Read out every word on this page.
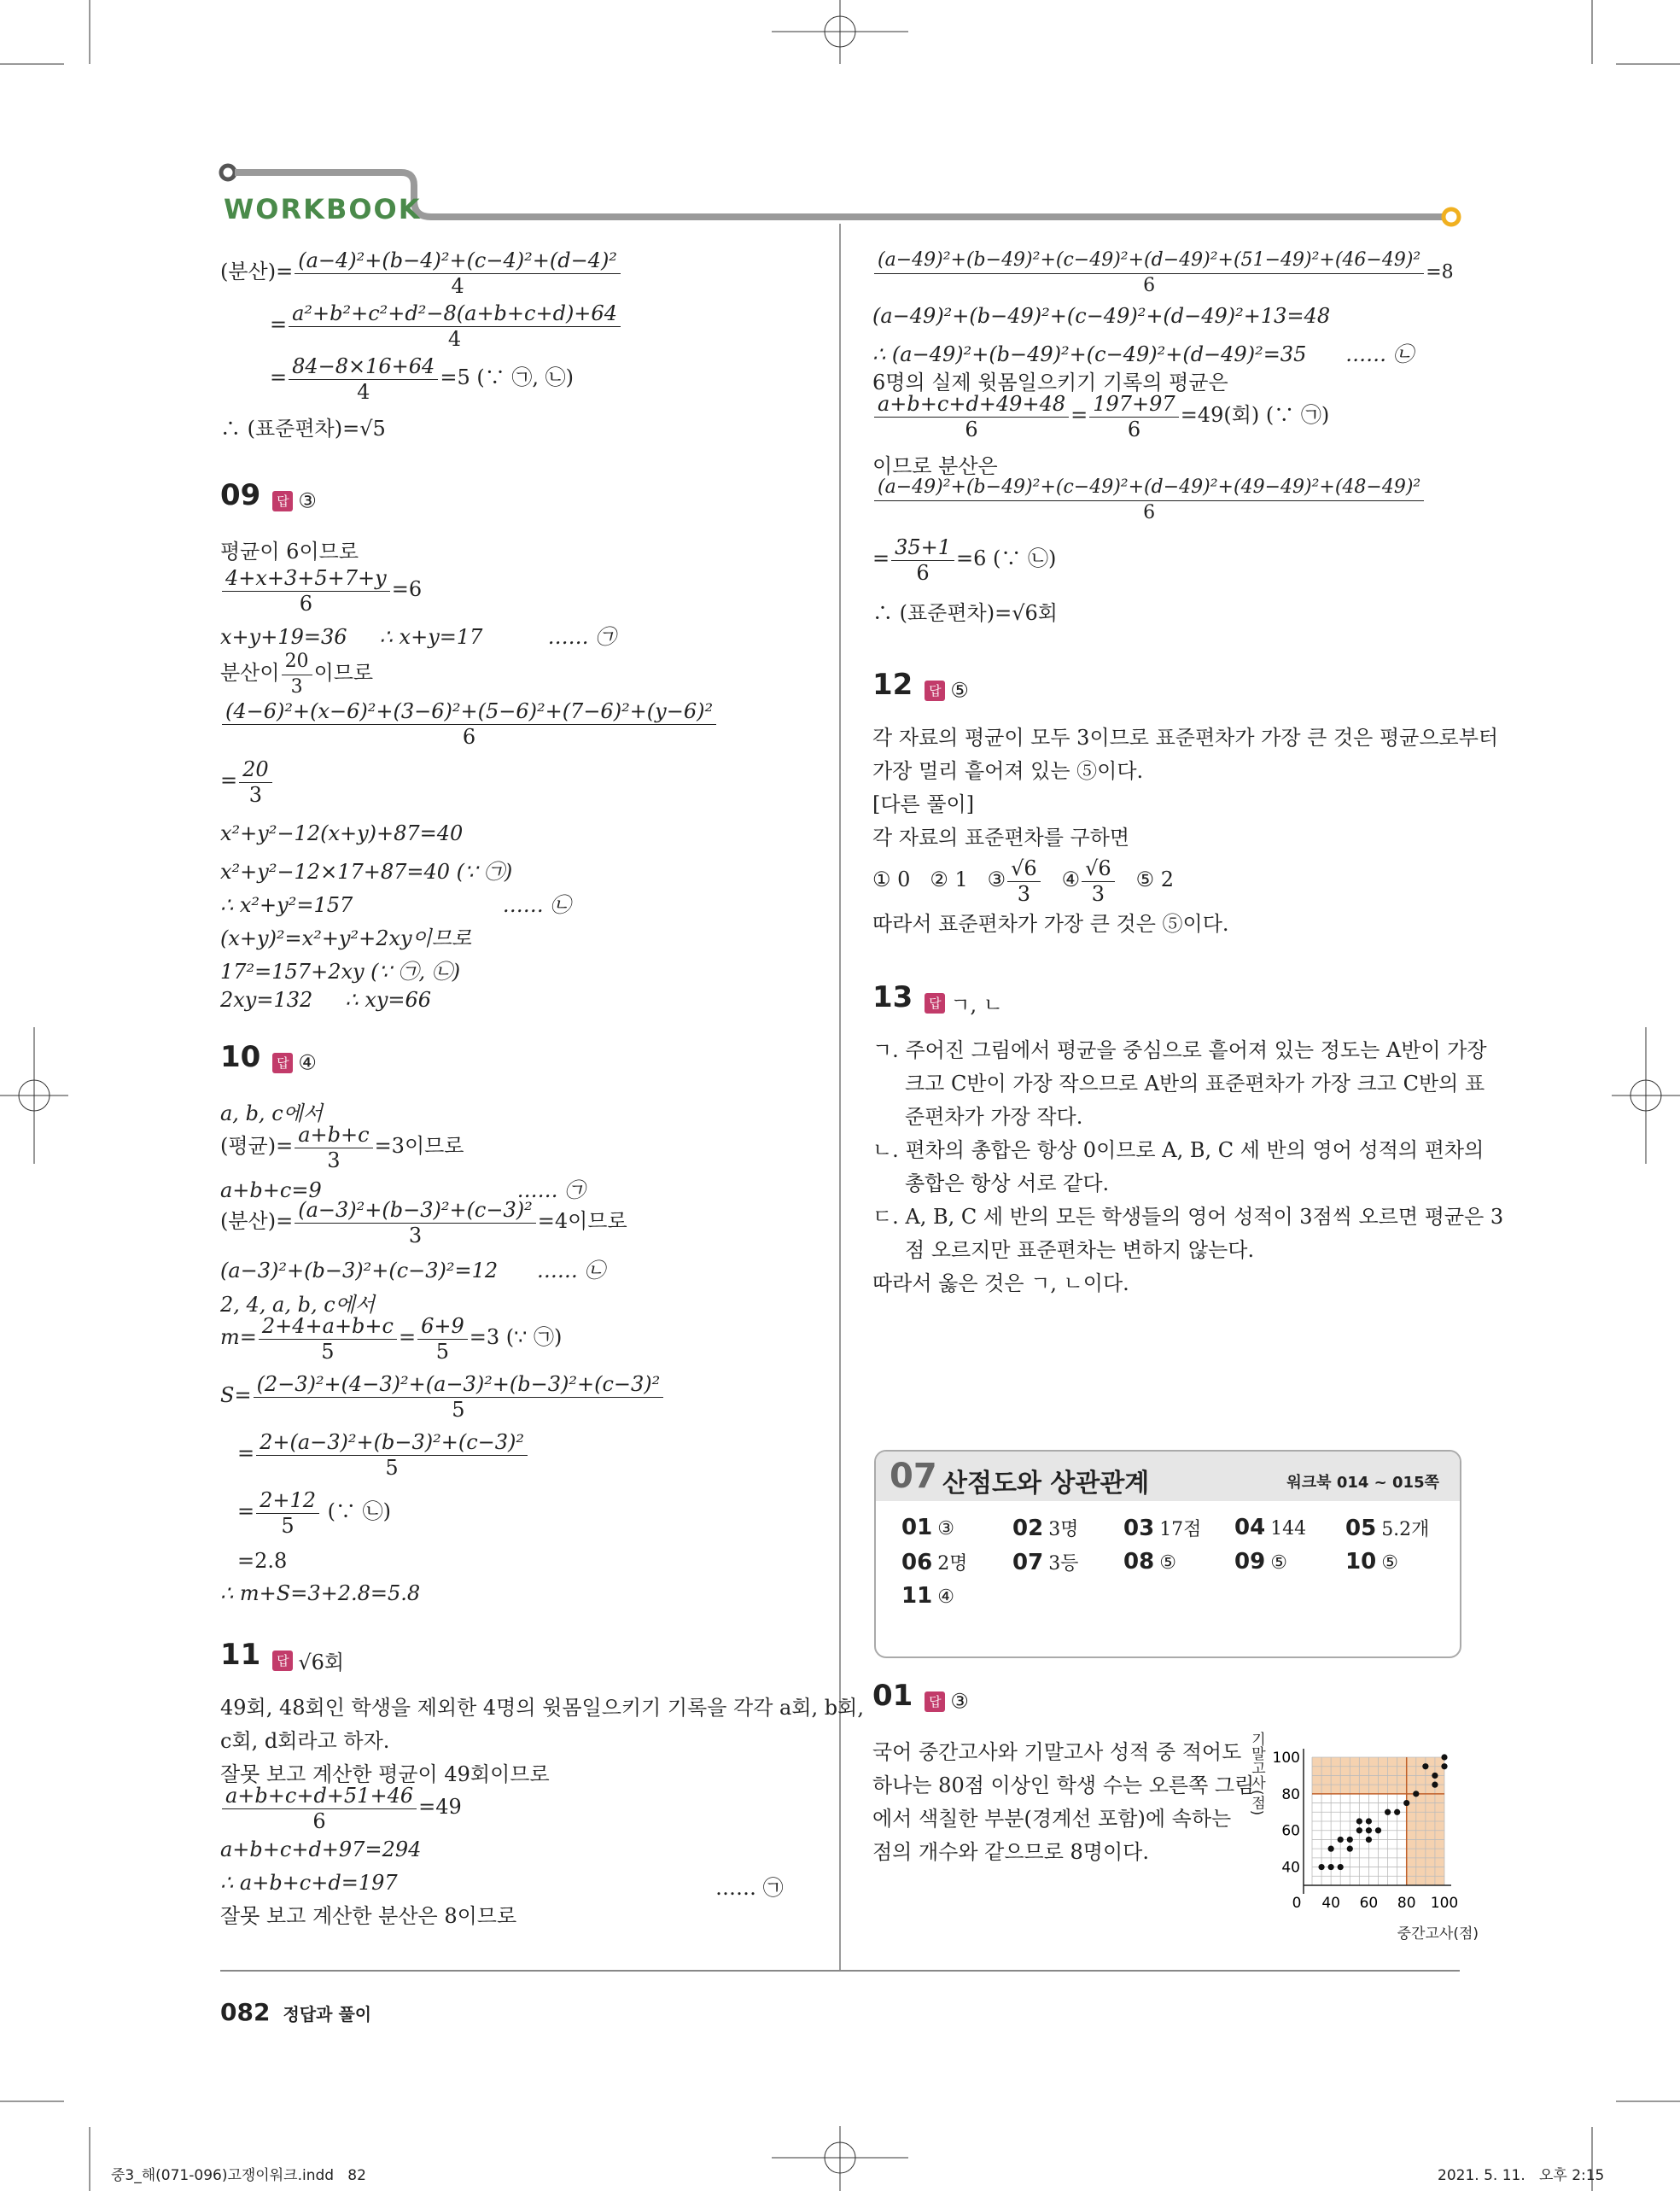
WORKBOOK
(분산)= $\frac{\text{(a−4)²+(b−4)²+(c−4)²+(d−4)²}}{4}$
= $\frac{\text{a²+b²+c²+d²−8(a+b+c+d)+64}}{4}$
= $\frac{84-8\times 16+64}{4} =5$ (∵ ㉠, ㉡)
∴ (표준편차)=√5
09 답 ③
평균이 6이므로
$\frac{4+x+3+5+7+y}{6} =6$
x+y+19=36     ∴ x+y=17          …… ㉠
분산이 $\frac{20}{3}$ 이므로
$\frac{\text{(4−6)²+(x−6)²+(3−6)²+(5−6)²+(7−6)²+(y−6)²}}{6}$
= $\frac{20}{3}$
x²+y²−12(x+y)+87=40
x²+y²−12×17+87=40 (∵ ㉠)
∴ x²+y²=157                       …… ㉡
(x+y)²=x²+y²+2xy이므로
17²=157+2xy (∵ ㉠, ㉡)
2xy=132     ∴ xy=66
10 답 ④
a, b, c에서
(평균)= $\frac{a+b+c}{3} =3$이므로
a+b+c=9                              …… ㉠
(분산)= $\frac{\text{(a−3)²+(b−3)²+(c−3)²}}{3} =4$이므로
(a−3)²+(b−3)²+(c−3)²=12      …… ㉡
2, 4, a, b, c에서
$m= \frac{2+4+a+b+c}{5} = \frac{6+9}{5} =3$ (∵ ㉠)
$S= \frac{\text{(2−3)²+(4−3)²+(a−3)²+(b−3)²+(c−3)²}}{5}$
= $\frac{\text{2+(a−3)²+(b−3)²+(c−3)²}}{5}$
= $\frac{2+12}{5}$ (∵ ㉡)
=2.8
∴ m+S=3+2.8=5.8
11 답 √6회
49회, 48회인 학생을 제외한 4명의 윗몸일으키기 기록을 각각 a회, b회,
c회, d회라고 하자.
잘못 보고 계산한 평균이 49회이므로
$\frac{a+b+c+d+51+46}{6} =49$
a+b+c+d+97=294
∴ a+b+c+d=197	…… ㉠
잘못 보고 계산한 분산은 8이므로
$\frac{\text{(a−49)²+(b−49)²+(c−49)²+(d−49)²+(51−49)²+(46−49)²}}{6} =8$
(a−49)²+(b−49)²+(c−49)²+(d−49)²+13=48
∴ (a−49)²+(b−49)²+(c−49)²+(d−49)²=35      …… ㉡
6명의 실제 윗몸일으키기 기록의 평균은
$\frac{a+b+c+d+49+48}{6} = \frac{197+97}{6} =49$(회) (∵ ㉠)
이므로 분산은
$\frac{\text{(a−49)²+(b−49)²+(c−49)²+(d−49)²+(49−49)²+(48−49)²}}{6}$
= $\frac{35+1}{6} =6$ (∵ ㉡)
∴ (표준편차)=√6회
12 답 ⑤
각 자료의 평균이 모두 3이므로 표준편차가 가장 큰 것은 평균으로부터
가장 멀리 흩어져 있는 ⑤이다.
[다른 풀이]
각 자료의 표준편차를 구하면
① 0 ② 1 ③ $\frac{√6}{3}$ ④ $\frac{√6}{3}$ ⑤ 2
따라서 표준편차가 가장 큰 것은 ⑤이다.
13 답 ㄱ, ㄴ
ㄱ. 주어진 그림에서 평균을 중심으로 흩어져 있는 정도는 A반이 가장
크고 C반이 가장 작으므로 A반의 표준편차가 가장 크고 C반의 표
준편차가 가장 작다.
ㄴ. 편차의 총합은 항상 0이므로 A, B, C 세 반의 영어 성적의 편차의
총합은 항상 서로 같다.
ㄷ. A, B, C 세 반의 모든 학생들의 영어 성적이 3점씩 오르면 평균은 3
점 오르지만 표준편차는 변하지 않는다.
따라서 옳은 것은 ㄱ, ㄴ이다.
07 산점도와 상관관계	워크북 014 ~ 015쪽
01 ③	02 3명 03 17점 04 144 05 5.2개
06 2명 07 3등 08 ⑤	09 ⑤	10 ⑤
11 ④
01 답 ③
국어 중간고사와 기말고사 성적 중 적어도
하나는 80점 이상인 학생 수는 오른쪽 그림
에서 색칠한 부분(경계선 포함)에 속하는
점의 개수와 같으므로 8명이다.
기말고사(점)
0 40 60 80 100
40
60
80
100
중간고사(점)
082 정답과 풀이
중3_해(071-096)고쟁이워크.indd   82	2021. 5. 11.   오후 2:15
